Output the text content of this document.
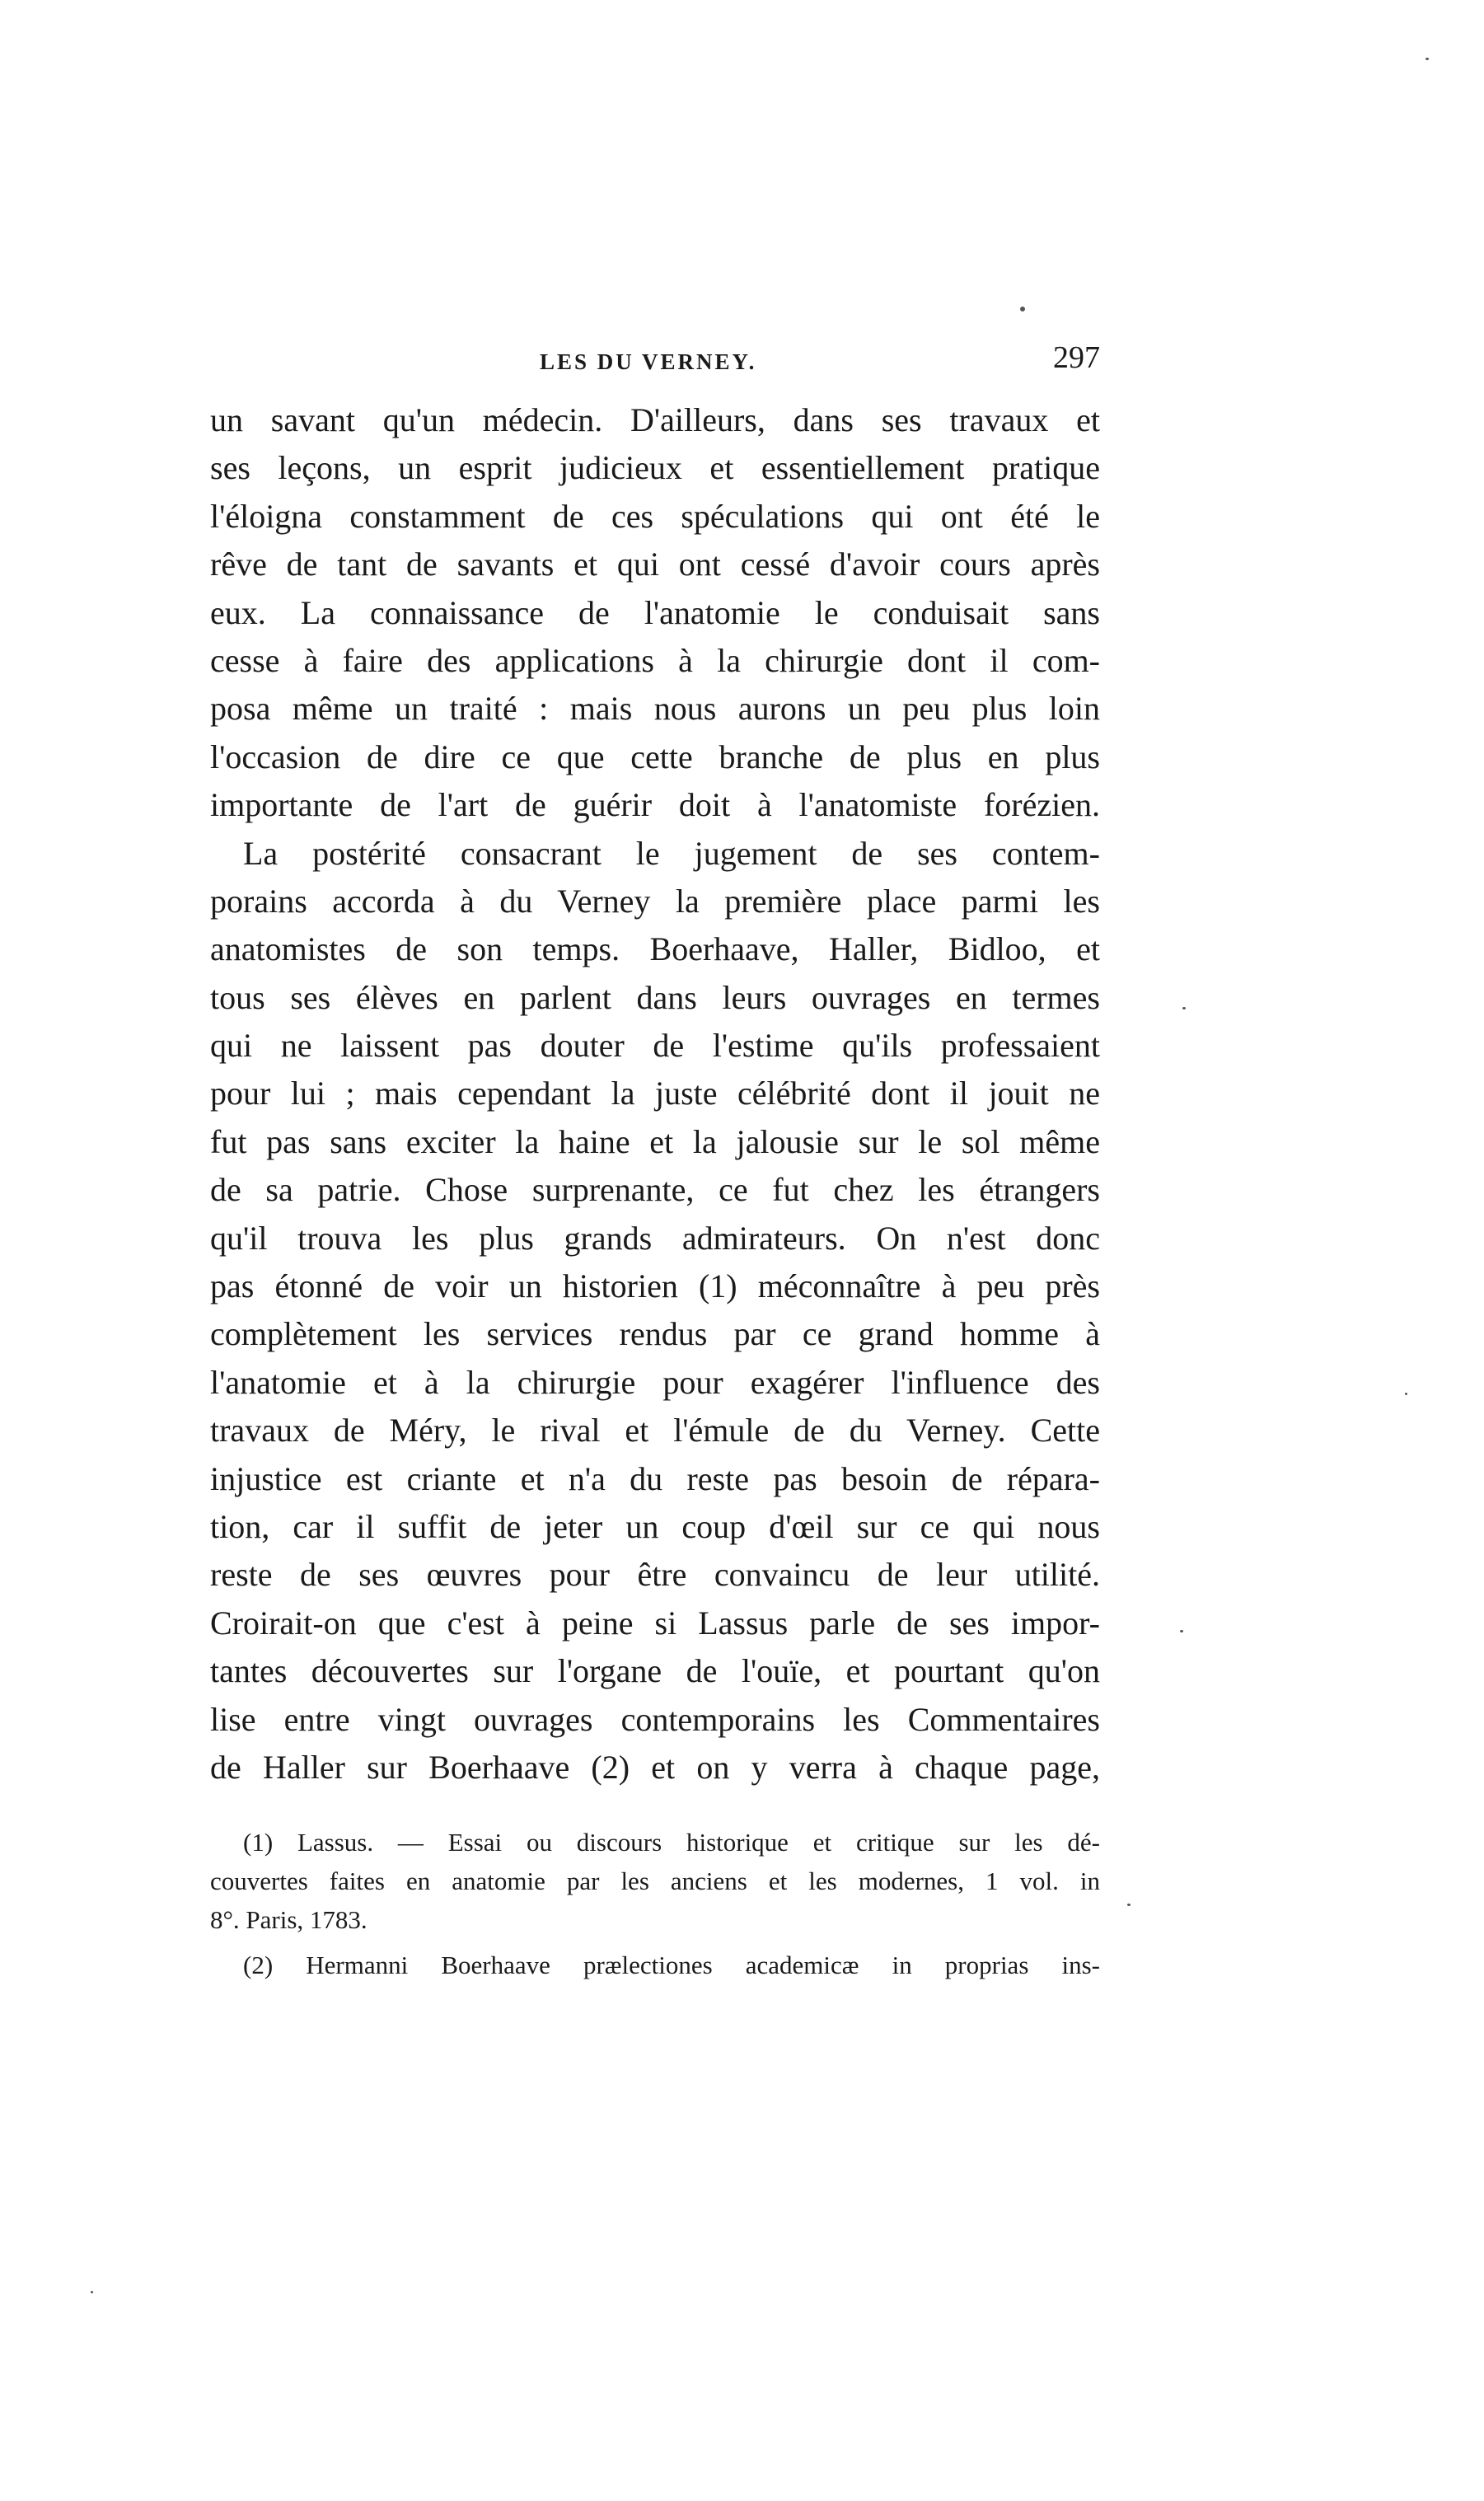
LES DU VERNEY.	297
un savant qu'un médecin. D'ailleurs, dans ses travaux et
ses leçons, un esprit judicieux et essentiellement pratique
l'éloigna constamment de ces spéculations qui ont été le
rêve de tant de savants et qui ont cessé d'avoir cours après
eux. La connaissance de l'anatomie le conduisait sans
cesse à faire des applications à la chirurgie dont il com-
posa même un traité : mais nous aurons un peu plus loin
l'occasion de dire ce que cette branche de plus en plus
importante de l'art de guérir doit à l'anatomiste forézien.
La postérité consacrant le jugement de ses contem-
porains accorda à du Verney la première place parmi les
anatomistes de son temps. Boerhaave, Haller, Bidloo, et
tous ses élèves en parlent dans leurs ouvrages en termes
qui ne laissent pas douter de l'estime qu'ils professaient
pour lui ; mais cependant la juste célébrité dont il jouit ne
fut pas sans exciter la haine et la jalousie sur le sol même
de sa patrie. Chose surprenante, ce fut chez les étrangers
qu'il trouva les plus grands admirateurs. On n'est donc
pas étonné de voir un historien (1) méconnaître à peu près
complètement les services rendus par ce grand homme à
l'anatomie et à la chirurgie pour exagérer l'influence des
travaux de Méry, le rival et l'émule de du Verney. Cette
injustice est criante et n'a du reste pas besoin de répara-
tion, car il suffit de jeter un coup d'œil sur ce qui nous
reste de ses œuvres pour être convaincu de leur utilité.
Croirait-on que c'est à peine si Lassus parle de ses impor-
tantes découvertes sur l'organe de l'ouïe, et pourtant qu'on
lise entre vingt ouvrages contemporains les Commentaires
de Haller sur Boerhaave (2) et on y verra à chaque page,
(1) Lassus. — Essai ou discours historique et critique sur les dé-
couvertes faites en anatomie par les anciens et les modernes, 1 vol. in
8°. Paris, 1783.
(2) Hermanni Boerhaave prælectiones academicæ in proprias ins-
